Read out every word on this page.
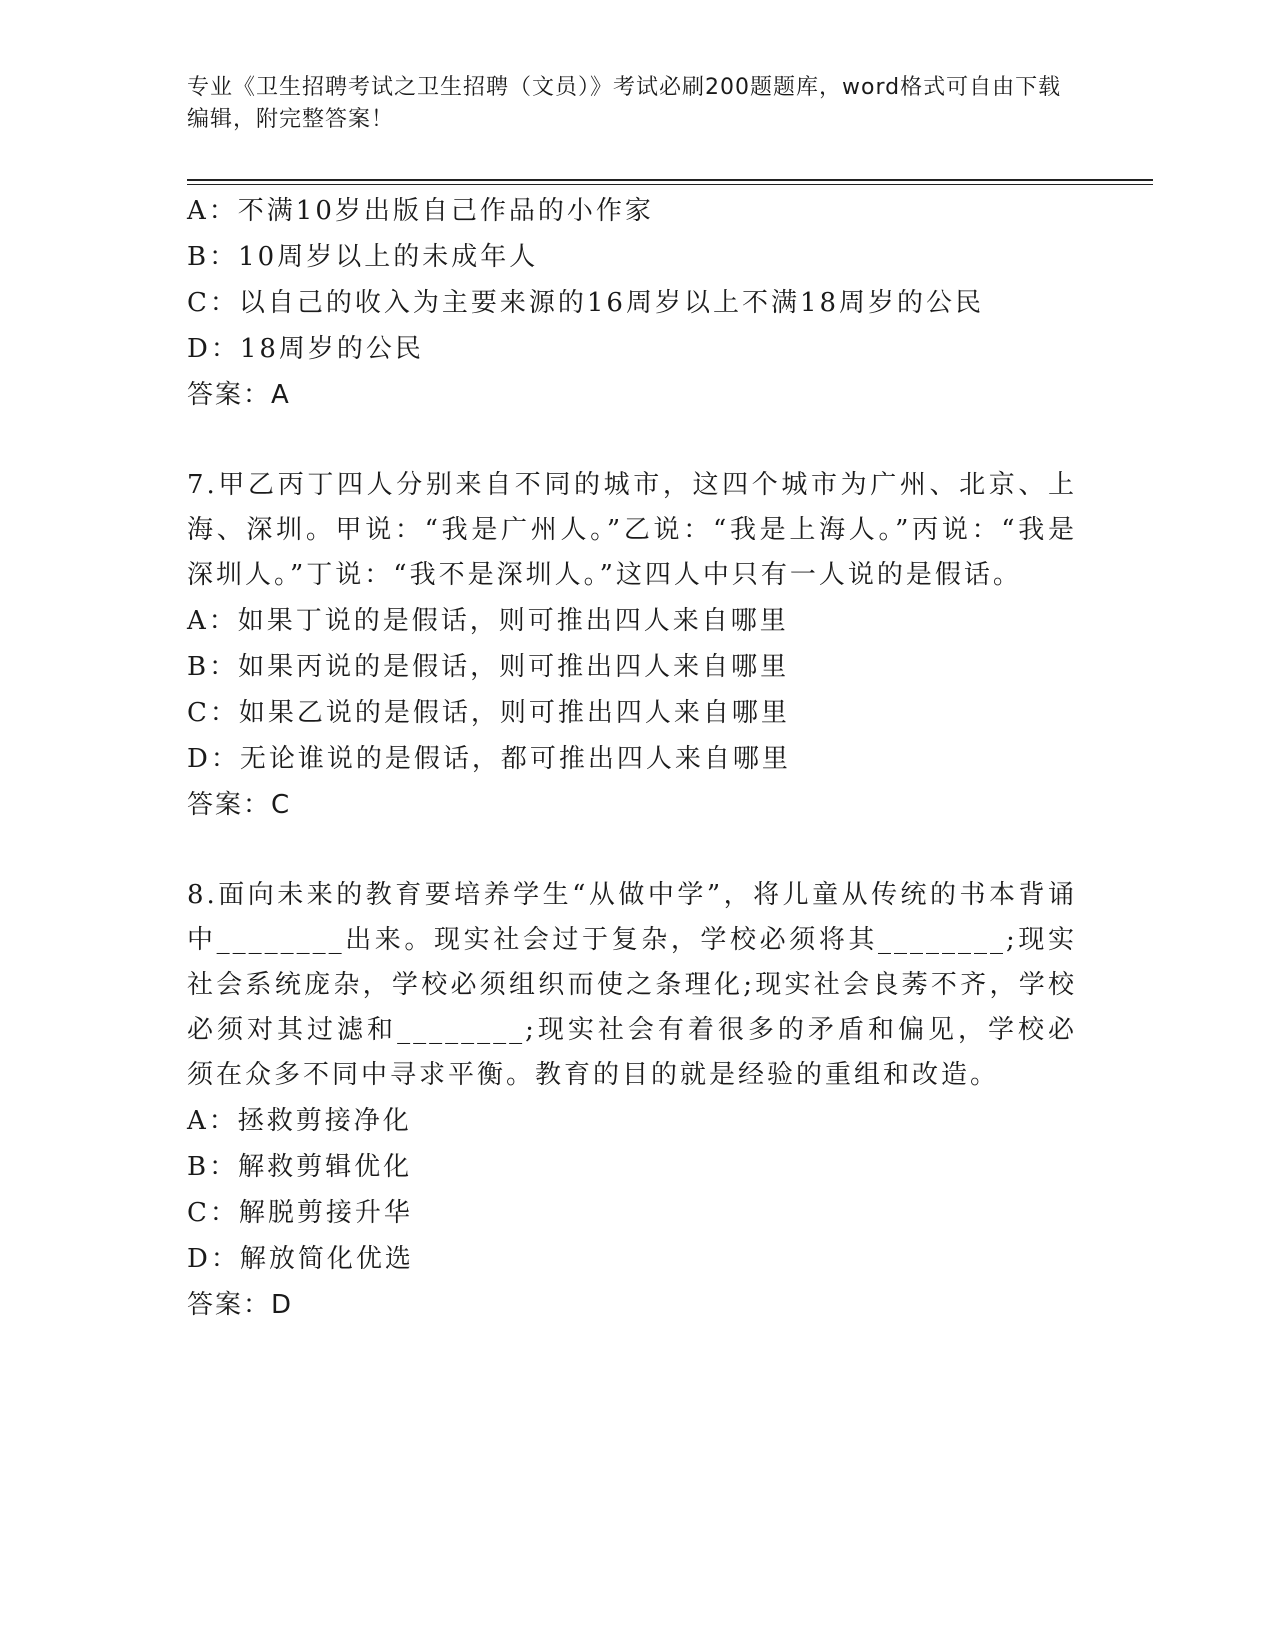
专业《卫生招聘考试之卫生招聘（文员）》考试必刷200题题库，word格式可自由下载编辑，附完整答案！
A：不满10岁出版自己作品的小作家
B：10周岁以上的未成年人
C：以自己的收入为主要来源的16周岁以上不满18周岁的公民
D：18周岁的公民
答案：A
7.甲乙丙丁四人分别来自不同的城市，这四个城市为广州、北京、上海、深圳。甲说：“我是广州人。”乙说：“我是上海人。”丙说：“我是深圳人。”丁说：“我不是深圳人。”这四人中只有一人说的是假话。
A：如果丁说的是假话，则可推出四人来自哪里
B：如果丙说的是假话，则可推出四人来自哪里
C：如果乙说的是假话，则可推出四人来自哪里
D：无论谁说的是假话，都可推出四人来自哪里
答案：C
8.面向未来的教育要培养学生“从做中学”，将儿童从传统的书本背诵中________出来。现实社会过于复杂，学校必须将其________;现实社会系统庞杂，学校必须组织而使之条理化;现实社会良莠不齐，学校必须对其过滤和________;现实社会有着很多的矛盾和偏见，学校必须在众多不同中寻求平衡。教育的目的就是经验的重组和改造。
A：拯救剪接净化
B：解救剪辑优化
C：解脱剪接升华
D：解放简化优选
答案：D
